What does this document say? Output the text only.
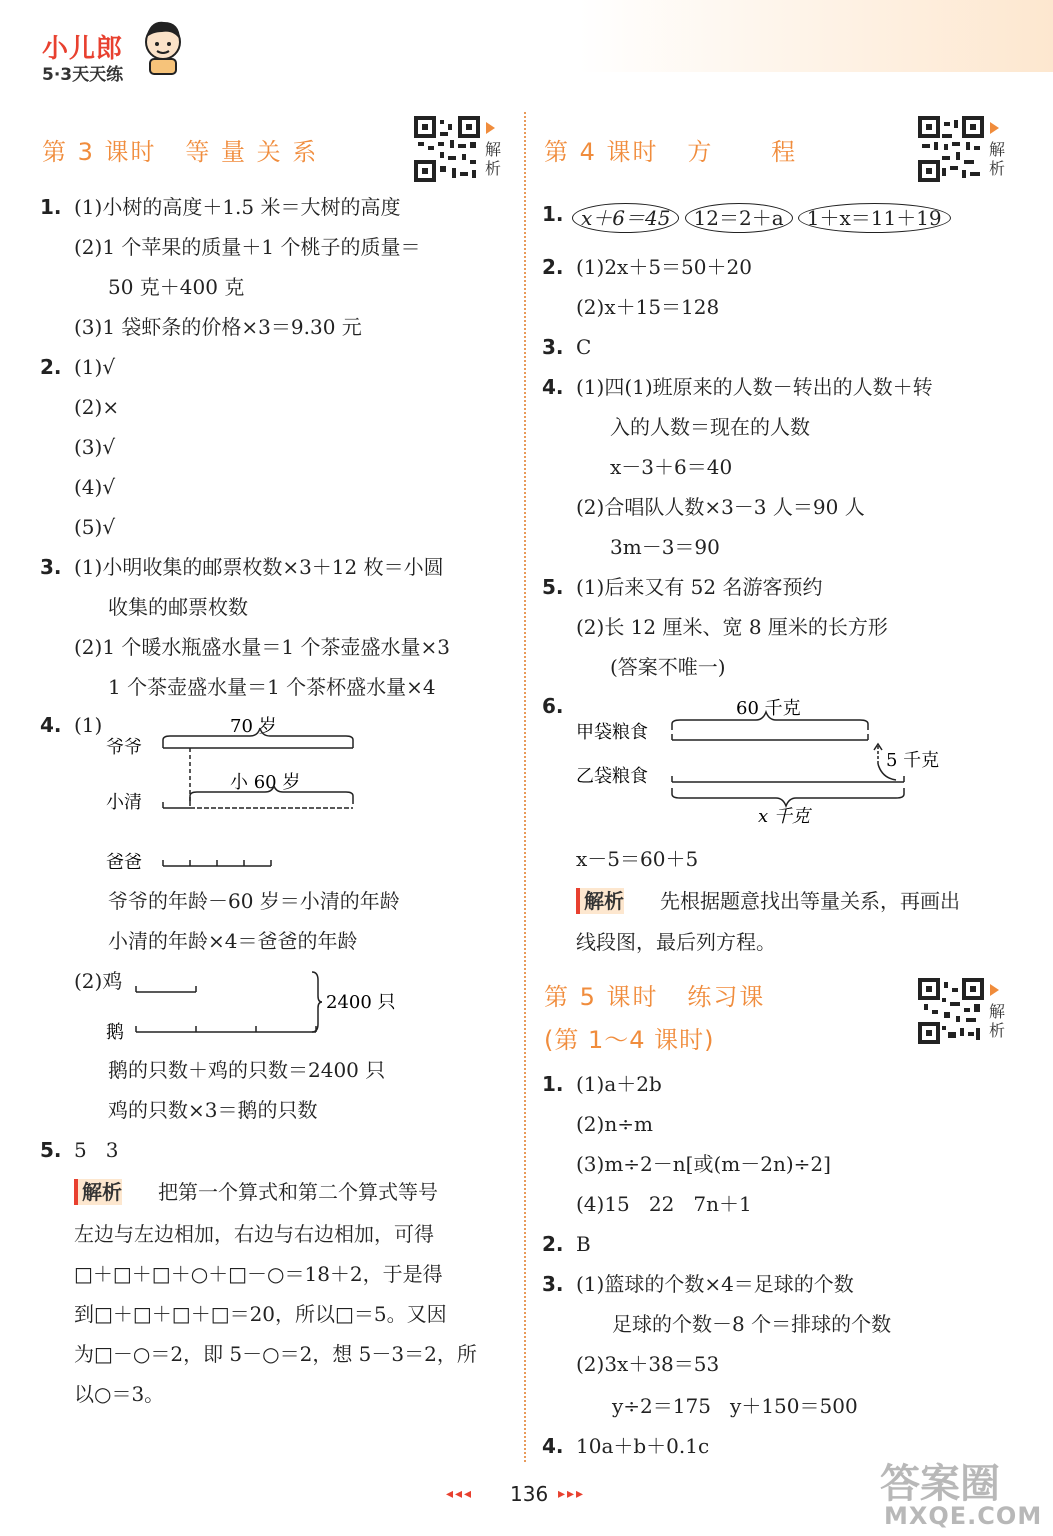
小儿郎
5·3天天练
第 3 课时   等 量 关 系	解
析
1. (1)小树的高度＋1.5 米＝大树的高度
(2)1 个苹果的质量＋1 个桃子的质量＝
50 克＋400 克
(3)1 袋虾条的价格×3＝9.30 元
2. (1)√
(2)×
(3)√
(4)√
(5)√
3. (1)小明收集的邮票枚数×3＋12 枚＝小圆
收集的邮票枚数
(2)1 个暖水瓶盛水量＝1 个茶壶盛水量×3
1 个茶壶盛水量＝1 个茶杯盛水量×4
4. (1)
爷爷
小清
爸爸
70 岁
小 60 岁
爷爷的年龄－60 岁＝小清的年龄
小清的年龄×4＝爸爸的年龄
(2)鸡
鹅
2400 只
鹅的只数＋鸡的只数＝2400 只
鸡的只数×3＝鹅的只数
5. 5   3
解析 把第一个算式和第二个算式等号
左边与左边相加，右边与右边相加，可得
□＋□＋□＋○＋□－○＝18＋2，于是得
到□＋□＋□＋□＝20，所以□＝5。又因
为□－○＝2，即 5－○＝2，想 5－3＝2，所
以○＝3。
第 4 课时   方      程	解
析
1. x＋6＝45 12＝2＋a 1＋x＝11＋19
2. (1)2x＋5＝50＋20
(2)x＋15＝128
3. C
4. (1)四(1)班原来的人数－转出的人数＋转
入的人数＝现在的人数
x－3＋6＝40
(2)合唱队人数×3－3 人＝90 人
3m－3＝90
5. (1)后来又有 52 名游客预约
(2)长 12 厘米、宽 8 厘米的长方形
(答案不唯一)
6.	60 千克
甲袋粮食
5 千克
乙袋粮食
x 千克
x－5＝60＋5
解析 先根据题意找出等量关系，再画出
线段图，最后列方程。
第 5 课时   练习课
(第 1～4 课时)
解
析
1. (1)a＋2b
(2)n÷m
(3)m÷2－n[或(m－2n)÷2]
(4)15   22   7n＋1
2. B
3. (1)篮球的个数×4＝足球的个数
足球的个数－8 个＝排球的个数
(2)3x＋38＝53
y÷2＝175   y＋150＝500
4. 10a＋b＋0.1c
◂◂◂ 136 ▸▸▸	答案圈
MXQE.COM
